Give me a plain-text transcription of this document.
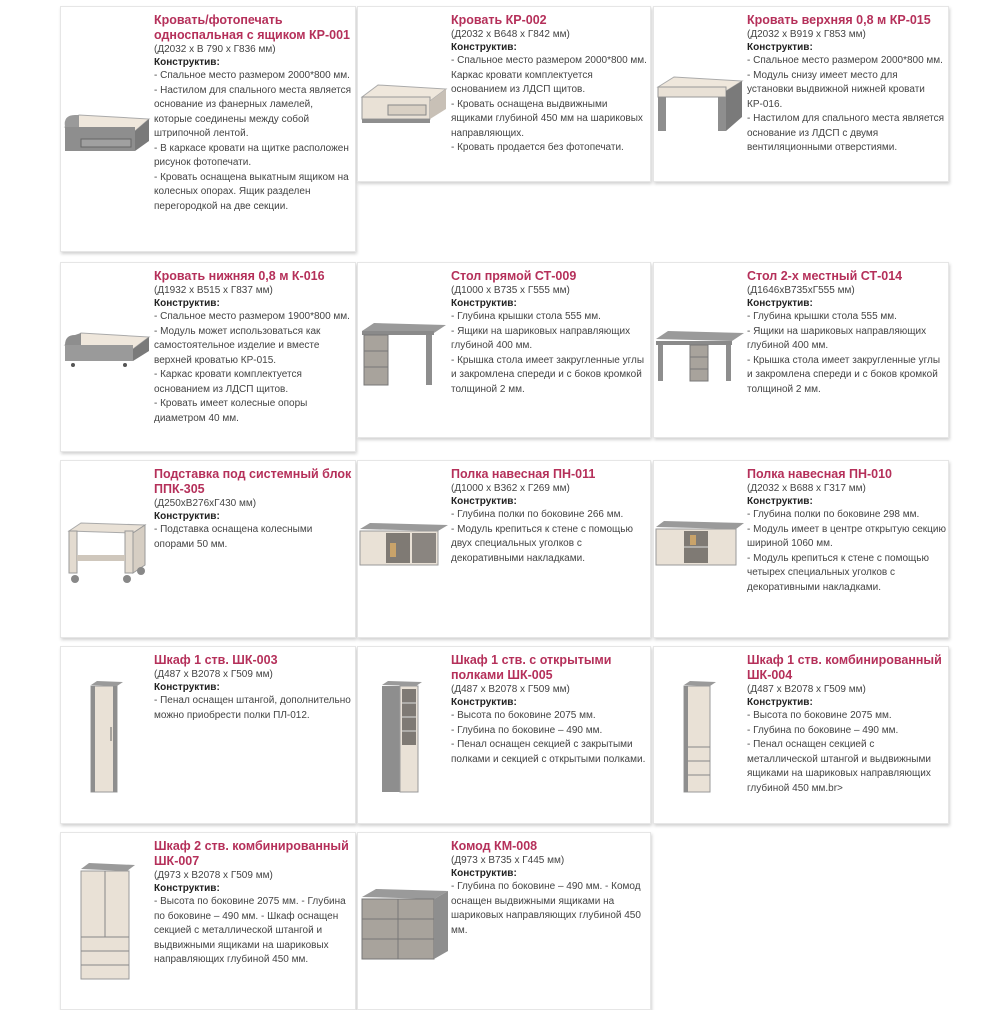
Кровать/фотопечать односпальная с ящиком КР-001

(Д2032 х В 790 х Г836 мм)

Конструктив:

- Спальное место размером 2000*800 мм.
- Настилом для спального места является основание из фанерных ламелей, которые соединены между собой штрипочной лентой.
- В каркасе кровати на щитке расположен рисунок фотопечати.
- Кровать оснащена выкатным ящиком на колесных опорах. Ящик разделен перегородкой на две секции.

Кровать КР-002

(Д2032 х В648 х Г842 мм)

Конструктив:

- Спальное место размером 2000*800 мм. Каркас кровати комплектуется основанием из ЛДСП щитов.
- Кровать оснащена выдвижными ящиками глубиной 450 мм на шариковых направляющих.
- Кровать продается без фотопечати.

Кровать верхняя 0,8 м КР-015

(Д2032 х В919 х Г853 мм)

Конструктив:

- Спальное место размером 2000*800 мм.
- Модуль снизу имеет место для установки выдвижной нижней кровати КР-016.
- Настилом для спального места является основание из ЛДСП с двумя вентиляционными отверстиями.

Кровать нижняя 0,8 м К-016

(Д1932 х В515 х Г837 мм)

Конструктив:

- Спальное место размером 1900*800 мм.
- Модуль может использоваться как самостоятельное изделие и вместе верхней кроватью КР-015.
- Каркас кровати комплектуется основанием из ЛДСП щитов.
- Кровать имеет колесные опоры диаметром 40 мм.

Стол прямой СТ-009

(Д1000 х В735 х Г555 мм)

Конструктив:

- Глубина крышки стола 555 мм.
- Ящики на шариковых направляющих глубиной 400 мм.
- Крышка стола имеет закругленные углы и закромлена спереди и с боков кромкой толщиной 2 мм.

Стол 2-х местный СТ-014

(Д1646хВ735хГ555 мм)

Конструктив:

- Глубина крышки стола 555 мм.
- Ящики на шариковых направляющих глубиной 400 мм.
- Крышка стола имеет закругленные углы и закромлена спереди и с боков кромкой толщиной 2 мм.

Подставка под системный блок ППК-305

(Д250хВ276хГ430 мм)

Конструктив:

- Подставка оснащена колесными опорами 50 мм.

Полка навесная ПН-011

(Д1000 х В362 х Г269 мм)

Конструктив:

- Глубина полки по боковине 266 мм.
- Модуль крепиться к стене с помощью двух специальных уголков с декоративными накладками.

Полка навесная ПН-010

(Д2032 х В688 х Г317 мм)

Конструктив:

- Глубина полки по боковине 298 мм.
- Модуль имеет в центре открытую секцию шириной 1060 мм.
- Модуль крепиться к стене с помощью четырех специальных уголков с декоративными накладками.

Шкаф 1 ств. ШК-003

(Д487 х В2078 х Г509 мм)

Конструктив:

- Пенал оснащен штангой, дополнительно можно приобрести полки ПЛ-012.

Шкаф 1 ств. с открытыми полками ШК-005

(Д487 х В2078 х Г509 мм)

Конструктив:

- Высота по боковине 2075 мм.
- Глубина по боковине – 490 мм.
- Пенал оснащен секцией с закрытыми полками и секцией с открытыми полками.

Шкаф 1 ств. комбинированный ШК-004

(Д487 х В2078 х Г509 мм)

Конструктив:

- Высота по боковине 2075 мм.
- Глубина по боковине – 490 мм.
- Пенал оснащен секцией с металлической штангой и выдвижными ящиками на шариковых направляющих глубиной 450 мм.br>

Шкаф 2 ств. комбинированный ШК-007

(Д973 х В2078 х Г509 мм)

Конструктив:

- Высота по боковине 2075 мм. - Глубина по боковине – 490 мм. - Шкаф оснащен секцией с металлической штангой и выдвижными ящиками на шариковых направляющих глубиной 450 мм.

Комод КМ-008

(Д973 х В735 х Г445 мм)

Конструктив:

- Глубина по боковине – 490 мм. - Комод оснащен выдвижными ящиками на шариковых направляющих глубиной 450 мм.
